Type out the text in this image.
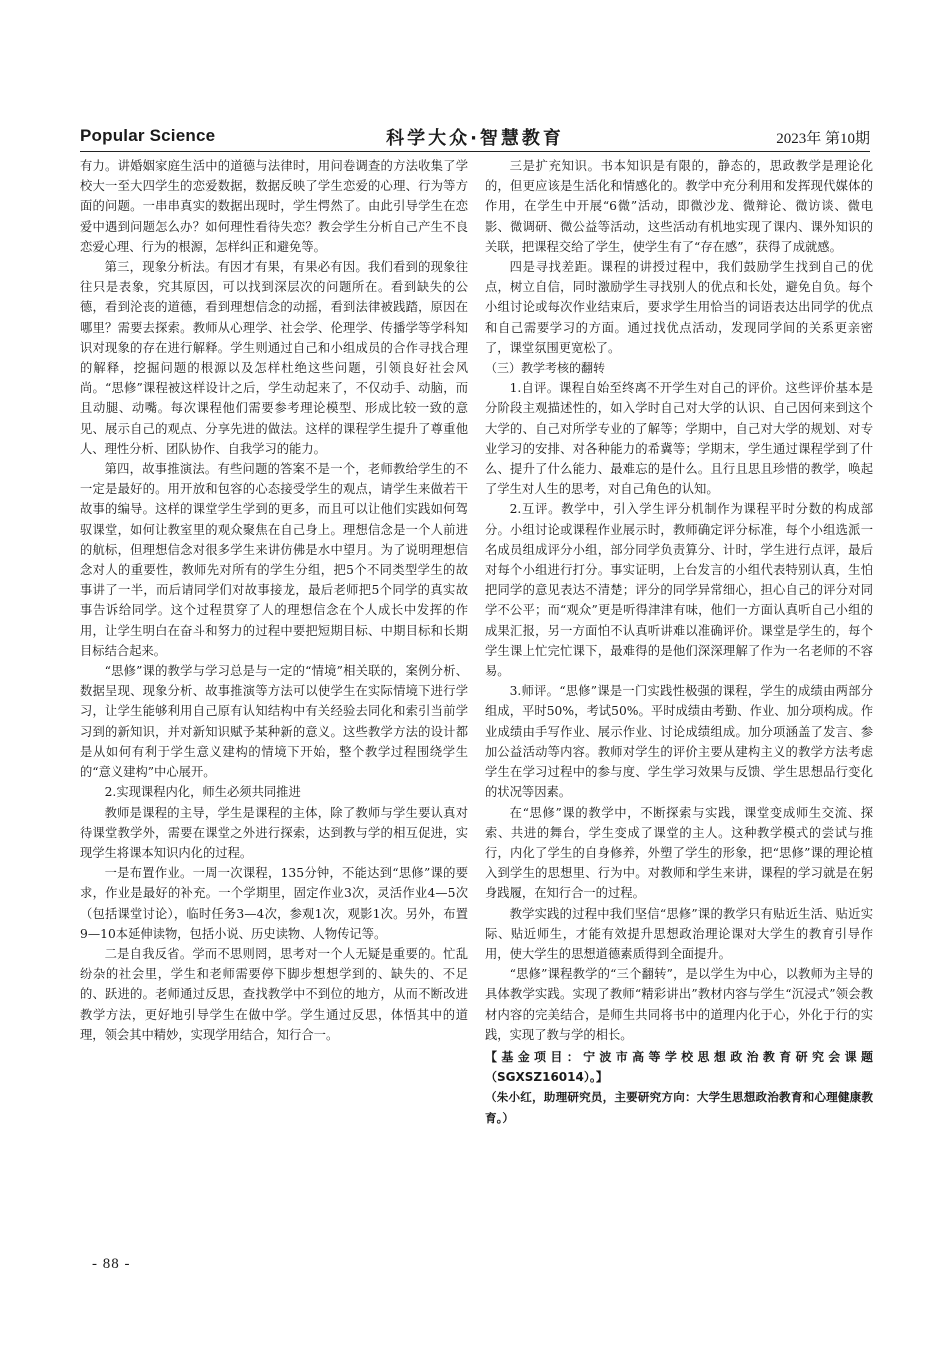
Popular Science	科学大众·智慧教育	2023年 第10期

有力。讲婚姻家庭生活中的道德与法律时，用问卷调查的方法收集了学校大一至大四学生的恋爱数据，数据反映了学生恋爱的心理、行为等方面的问题。一串串真实的数据出现时，学生愕然了。由此引导学生在恋爱中遇到问题怎么办？如何理性看待失恋？教会学生分析自己产生不良恋爱心理、行为的根源，怎样纠正和避免等。

第三，现象分析法。有因才有果，有果必有因。我们看到的现象往往只是表象，究其原因，可以找到深层次的问题所在。看到缺失的公德，看到沦丧的道德，看到理想信念的动摇，看到法律被践踏，原因在哪里？需要去探索。教师从心理学、社会学、伦理学、传播学等学科知识对现象的存在进行解释。学生则通过自己和小组成员的合作寻找合理的解释，挖掘问题的根源以及怎样杜绝这些问题，引领良好社会风尚。“思修”课程被这样设计之后，学生动起来了，不仅动手、动脑，而且动腿、动嘴。每次课程他们需要参考理论模型、形成比较一致的意见、展示自己的观点、分享先进的做法。这样的课程学生提升了尊重他人、理性分析、团队协作、自我学习的能力。

第四，故事推演法。有些问题的答案不是一个，老师教给学生的不一定是最好的。用开放和包容的心态接受学生的观点，请学生来做若干故事的编导。这样的课堂学生学到的更多，而且可以让他们实践如何驾驭课堂，如何让教室里的观众聚焦在自己身上。理想信念是一个人前进的航标，但理想信念对很多学生来讲仿佛是水中望月。为了说明理想信念对人的重要性，教师先对所有的学生分组，把5个不同类型学生的故事讲了一半，而后请同学们对故事接龙，最后老师把5个同学的真实故事告诉给同学。这个过程贯穿了人的理想信念在个人成长中发挥的作用，让学生明白在奋斗和努力的过程中要把短期目标、中期目标和长期目标结合起来。

“思修”课的教学与学习总是与一定的“情境”相关联的，案例分析、数据呈现、现象分析、故事推演等方法可以使学生在实际情境下进行学习，让学生能够利用自己原有认知结构中有关经验去同化和索引当前学习到的新知识，并对新知识赋予某种新的意义。这些教学方法的设计都是从如何有利于学生意义建构的情境下开始，整个教学过程围绕学生的“意义建构”中心展开。

2.实现课程内化，师生必须共同推进

教师是课程的主导，学生是课程的主体，除了教师与学生要认真对待课堂教学外，需要在课堂之外进行探索，达到教与学的相互促进，实现学生将课本知识内化的过程。

一是布置作业。一周一次课程，135分钟，不能达到“思修”课的要求，作业是最好的补充。一个学期里，固定作业3次，灵活作业4—5次（包括课堂讨论），临时任务3—4次，参观1次，观影1次。另外，布置9—10本延伸读物，包括小说、历史读物、人物传记等。

二是自我反省。学而不思则罔，思考对一个人无疑是重要的。忙乱纷杂的社会里，学生和老师需要停下脚步想想学到的、缺失的、不足的、跃进的。老师通过反思，查找教学中不到位的地方，从而不断改进教学方法，更好地引导学生在做中学。学生通过反思，体悟其中的道理，领会其中精妙，实现学用结合，知行合一。

三是扩充知识。书本知识是有限的，静态的，思政教学是理论化的，但更应该是生活化和情感化的。教学中充分利用和发挥现代媒体的作用，在学生中开展“6微”活动，即微沙龙、微辩论、微访谈、微电影、微调研、微公益等活动，这些活动有机地实现了课内、课外知识的关联，把课程交给了学生，使学生有了“存在感”，获得了成就感。

四是寻找差距。课程的讲授过程中，我们鼓励学生找到自己的优点，树立自信，同时激励学生寻找别人的优点和长处，避免自负。每个小组讨论或每次作业结束后，要求学生用恰当的词语表达出同学的优点和自己需要学习的方面。通过找优点活动，发现同学间的关系更亲密了，课堂氛围更宽松了。

（三）教学考核的翻转

1.自评。课程自始至终离不开学生对自己的评价。这些评价基本是分阶段主观描述性的，如入学时自己对大学的认识、自己因何来到这个大学的、自己对所学专业的了解等；学期中，自己对大学的规划、对专业学习的安排、对各种能力的希冀等；学期末，学生通过课程学到了什么、提升了什么能力、最难忘的是什么。且行且思且珍惜的教学，唤起了学生对人生的思考，对自己角色的认知。

2.互评。教学中，引入学生评分机制作为课程平时分数的构成部分。小组讨论或课程作业展示时，教师确定评分标准，每个小组选派一名成员组成评分小组，部分同学负责算分、计时，学生进行点评，最后对每个小组进行打分。事实证明，上台发言的小组代表特别认真，生怕把同学的意见表达不清楚；评分的同学异常细心，担心自己的评分对同学不公平；而“观众”更是听得津津有味，他们一方面认真听自己小组的成果汇报，另一方面怕不认真听讲难以准确评价。课堂是学生的，每个学生课上忙完忙课下，最难得的是他们深深理解了作为一名老师的不容易。

3.师评。“思修”课是一门实践性极强的课程，学生的成绩由两部分组成，平时50%，考试50%。平时成绩由考勤、作业、加分项构成。作业成绩由手写作业、展示作业、讨论成绩组成。加分项涵盖了发言、参加公益活动等内容。教师对学生的评价主要从建构主义的教学方法考虑学生在学习过程中的参与度、学生学习效果与反馈、学生思想品行变化的状况等因素。

在“思修”课的教学中，不断探索与实践，课堂变成师生交流、探索、共进的舞台，学生变成了课堂的主人。这种教学模式的尝试与推行，内化了学生的自身修养，外塑了学生的形象，把“思修”课的理论植入到学生的思想里、行为中。对教师和学生来讲，课程的学习就是在躬身践履，在知行合一的过程。

教学实践的过程中我们坚信“思修”课的教学只有贴近生活、贴近实际、贴近师生，才能有效提升思想政治理论课对大学生的教育引导作用，使大学生的思想道德素质得到全面提升。

“思修”课程教学的“三个翻转”，是以学生为中心，以教师为主导的具体教学实践。实现了教师“精彩讲出”教材内容与学生“沉浸式”领会教材内容的完美结合，是师生共同将书中的道理内化于心，外化于行的实践，实现了教与学的相长。

【基金项目：宁波市高等学校思想政治教育研究会课题（SGXSZ16014）。】

（朱小红，助理研究员，主要研究方向：大学生思想政治教育和心理健康教育。）

- 88 -
